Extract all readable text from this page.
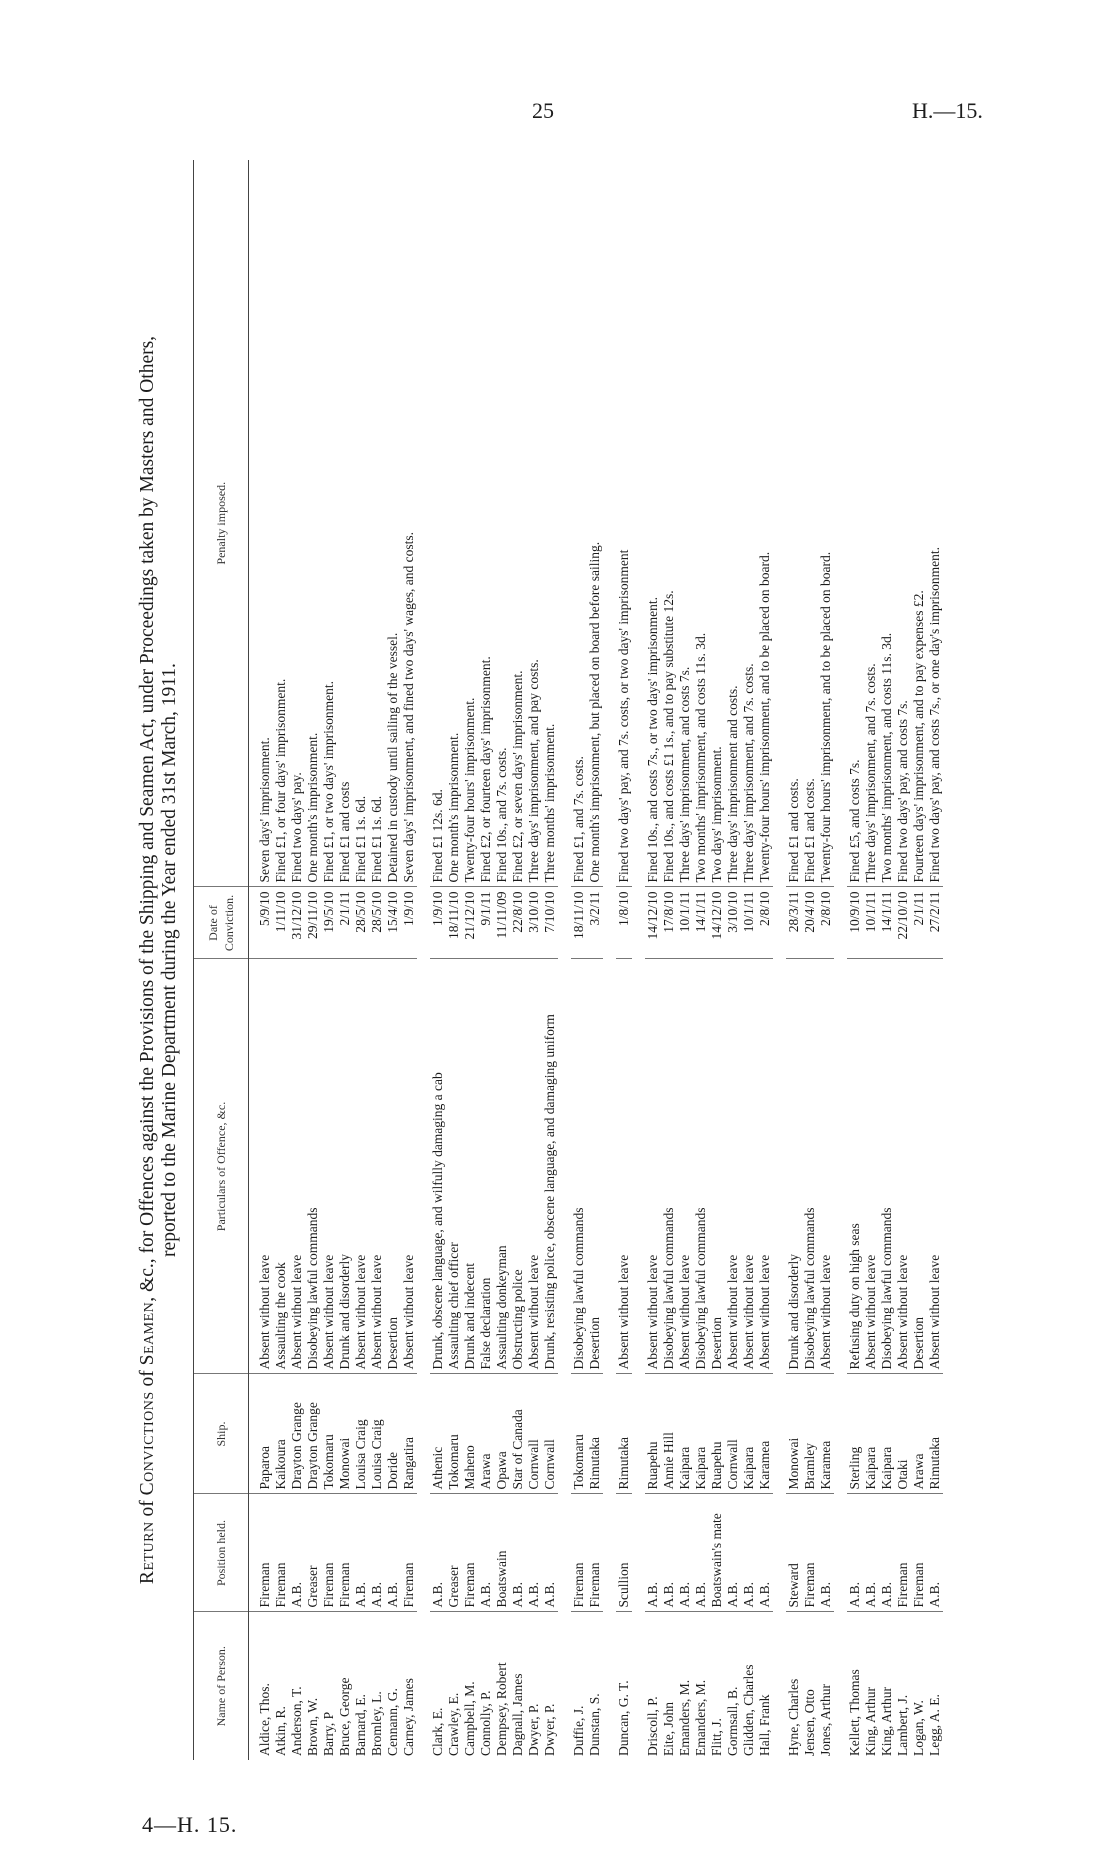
25	H.—15.
4—H. 15.
Return of Convictions of Seamen, &c., for Offences against the Provisions of the Shipping and Seamen Act, under Proceedings taken by Masters and Others, reported to the Marine Department during the Year ended 31st March, 1911.
Name of Person.	Position held.	Ship.	Particulars of Offence, &c.	Date of Conviction.	Penalty imposed.
Aldice, Thos.	Fireman	Paparoa	Absent without leave	5/9/10	Seven days' imprisonment.
Atkin, R.	Fireman	Kaikoura	Assaulting the cook	1/11/10	Fined £1, or four days' imprisonment.
Anderson, T.	A.B.	Drayton Grange	Absent without leave	31/12/10	Fined two days' pay.
Brown, W.	Greaser	Drayton Grange	Disobeying lawful commands	29/11/10	One month's imprisonment.
Barry, P	Fireman	Tokomaru	Absent without leave	19/5/10	Fined £1, or two days' imprisonment.
Bruce, George	Fireman	Monowai	Drunk and disorderly	2/1/11	Fined £1 and costs
Barnard, E.	A.B.	Louisa Craig	Absent without leave	28/5/10	Fined £1 1s. 6d.
Bromley, L.	A.B.	Louisa Craig	Absent without leave	28/5/10	Fined £1 1s. 6d.
Cennann, G.	A.B.	Doride	Desertion	15/4/10	Detained in custody until sailing of the vessel.
Carney, James	Fireman	Rangatira	Absent without leave	1/9/10	Seven days' imprisonment, and fined two days' wages, and costs.

Clark, E.	A.B.	Athenic	Drunk, obscene language, and wilfully damaging a cab	1/9/10	Fined £1 12s. 6d.
Crawley, E.	Greaser	Tokomaru	Assaulting chief officer	18/11/10	One month's imprisonment.
Campbell, M.	Fireman	Maheno	Drunk and indecent	21/12/10	Twenty-four hours' imprisonment.
Connolly, P.	A.B.	Arawa	False declaration	9/1/11	Fined £2, or fourteen days' imprisonment.
Dempsey, Robert	Boatswain	Opawa	Assaulting donkeyman	11/11/09	Fined 10s., and 7s. costs.
Dagnall, James	A.B.	Star of Canada	Obstructing police	22/8/10	Fined £2, or seven days' imprisonment.
Dwyer, P.	A.B.	Cornwall	Absent without leave	3/10/10	Three days' imprisonment, and pay costs.
Dwyer, P.	A.B.	Cornwall	Drunk, resisting police, obscene language, and damaging uniform	7/10/10	Three months' imprisonment.

Duffie, J.	Fireman	Tokomaru	Disobeying lawful commands	18/11/10	Fined £1, and 7s. costs.
Dunstan, S.	Fireman	Rimutaka	Desertion	3/2/11	One month's imprisonment, but placed on board before sailing.

Duncan, G. T.	Scullion	Rimutaka	Absent without leave	1/8/10	Fined two days' pay, and 7s. costs, or two days' imprisonment

Driscoll, P.	A.B.	Ruapehu	Absent without leave	14/12/10	Fined 10s., and costs 7s., or two days' imprisonment.
Eite, John	A.B.	Annie Hill	Disobeying lawful commands	17/8/10	Fined 10s., and costs £1 1s., and to pay substitute 12s.
Emanders, M.	A.B.	Kaipara	Absent without leave	10/1/11	Three days' imprisonment, and costs 7s.
Emanders, M.	A.B.	Kaipara	Disobeying lawful commands	14/1/11	Two months' imprisonment, and costs 11s. 3d.
Flitt, J.	Boatswain's mate	Ruapehu	Desertion	14/12/10	Two days' imprisonment.
Gormsall, B.	A.B.	Cornwall	Absent without leave	3/10/10	Three days' imprisonment and costs.
Glidden, Charles	A.B.	Kaipara	Absent without leave	10/1/11	Three days' imprisonment, and 7s. costs.
Hall, Frank	A.B.	Karamea	Absent without leave	2/8/10	Twenty-four hours' imprisonment, and to be placed on board.

Hyne, Charles	Steward	Monowai	Drunk and disorderly	28/3/11	Fined £1 and costs.
Jensen, Otto	Fireman	Bramley	Disobeying lawful commands	20/4/10	Fined £1 and costs.
Jones, Arthur	A.B.	Karamea	Absent without leave	2/8/10	Twenty-four hours' imprisonment, and to be placed on board.

Kellett, Thomas	A.B.	Sterling	Refusing duty on high seas	10/9/10	Fined £5, and costs 7s.
King, Arthur	A.B.	Kaipara	Absent without leave	10/1/11	Three days' imprisonment, and 7s. costs.
King, Arthur	A.B.	Kaipara	Disobeying lawful commands	14/1/11	Two months' imprisonment, and costs 11s. 3d.
Lambert, J.	Fireman	Otaki	Absent without leave	22/10/10	Fined two days' pay, and costs 7s.
Logan, W.	Fireman	Arawa	Desertion	2/1/11	Fourteen days' imprisonment, and to pay expenses £2.
Legg, A. E.	A.B.	Rimutaka	Absent without leave	27/2/11	Fined two days' pay, and costs 7s., or one day's imprisonment.
